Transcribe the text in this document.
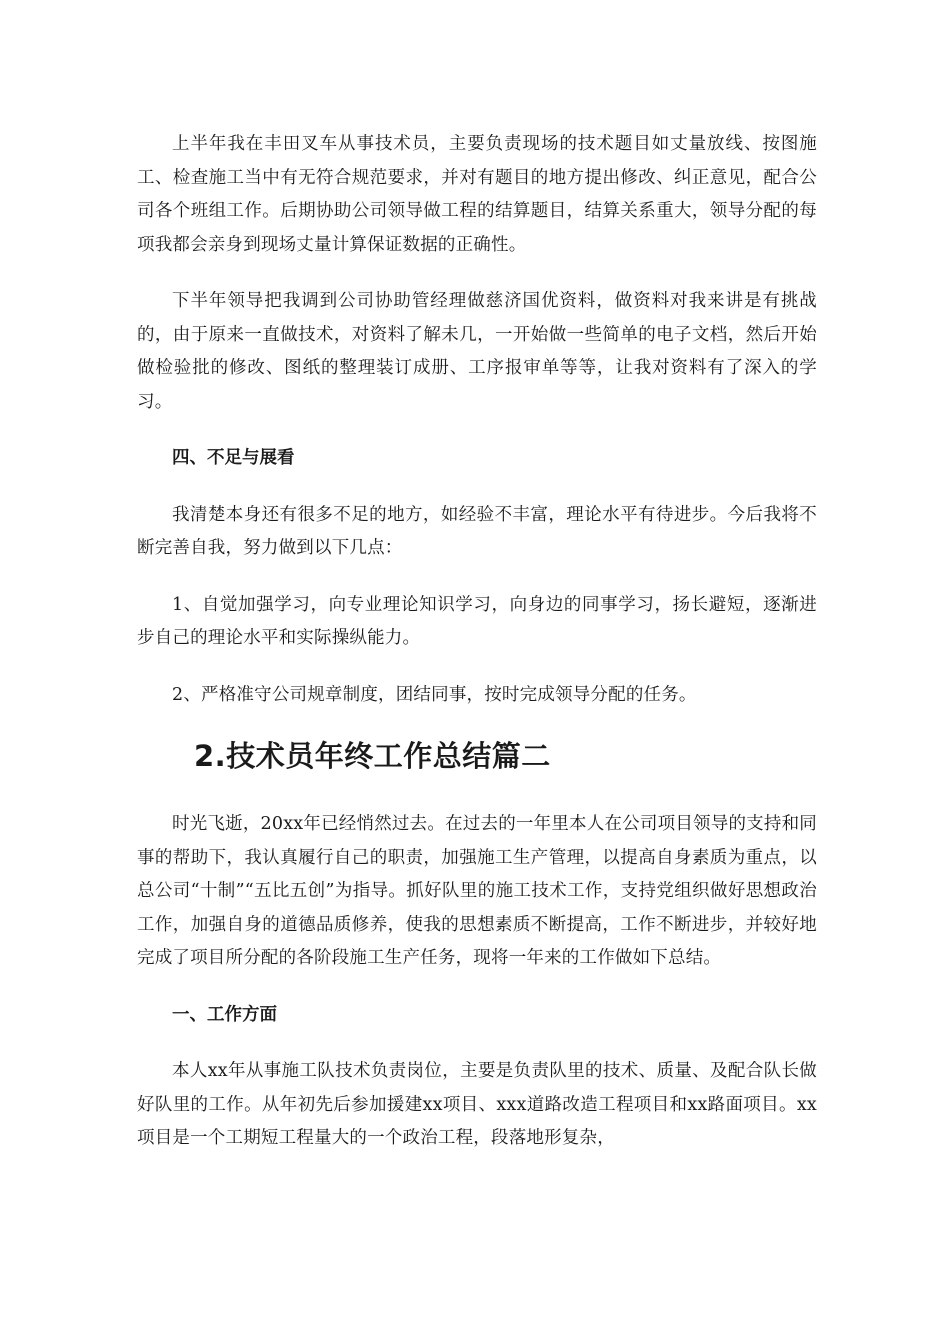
上半年我在丰田叉车从事技术员，主要负责现场的技术题目如丈量放线、按图施工、检查施工当中有无符合规范要求，并对有题目的地方提出修改、纠正意见，配合公司各个班组工作。后期协助公司领导做工程的结算题目，结算关系重大，领导分配的每项我都会亲身到现场丈量计算保证数据的正确性。

下半年领导把我调到公司协助管经理做慈济国优资料，做资料对我来讲是有挑战的，由于原来一直做技术，对资料了解未几，一开始做一些简单的电子文档，然后开始做检验批的修改、图纸的整理装订成册、工序报审单等等，让我对资料有了深入的学习。

四、不足与展看

我清楚本身还有很多不足的地方，如经验不丰富，理论水平有待进步。今后我将不断完善自我，努力做到以下几点：

1、自觉加强学习，向专业理论知识学习，向身边的同事学习，扬长避短，逐渐进步自己的理论水平和实际操纵能力。

2、严格准守公司规章制度，团结同事，按时完成领导分配的任务。

2.技术员年终工作总结篇二

时光飞逝，20xx年已经悄然过去。在过去的一年里本人在公司项目领导的支持和同事的帮助下，我认真履行自己的职责，加强施工生产管理，以提高自身素质为重点，以总公司“十制”“五比五创”为指导。抓好队里的施工技术工作，支持党组织做好思想政治工作，加强自身的道德品质修养，使我的思想素质不断提高，工作不断进步，并较好地完成了项目所分配的各阶段施工生产任务，现将一年来的工作做如下总结。

一、工作方面

本人xx年从事施工队技术负责岗位，主要是负责队里的技术、质量、及配合队长做好队里的工作。从年初先后参加援建xx项目、xxx道路改造工程项目和xx路面项目。xx项目是一个工期短工程量大的一个政治工程，段落地形复杂，
